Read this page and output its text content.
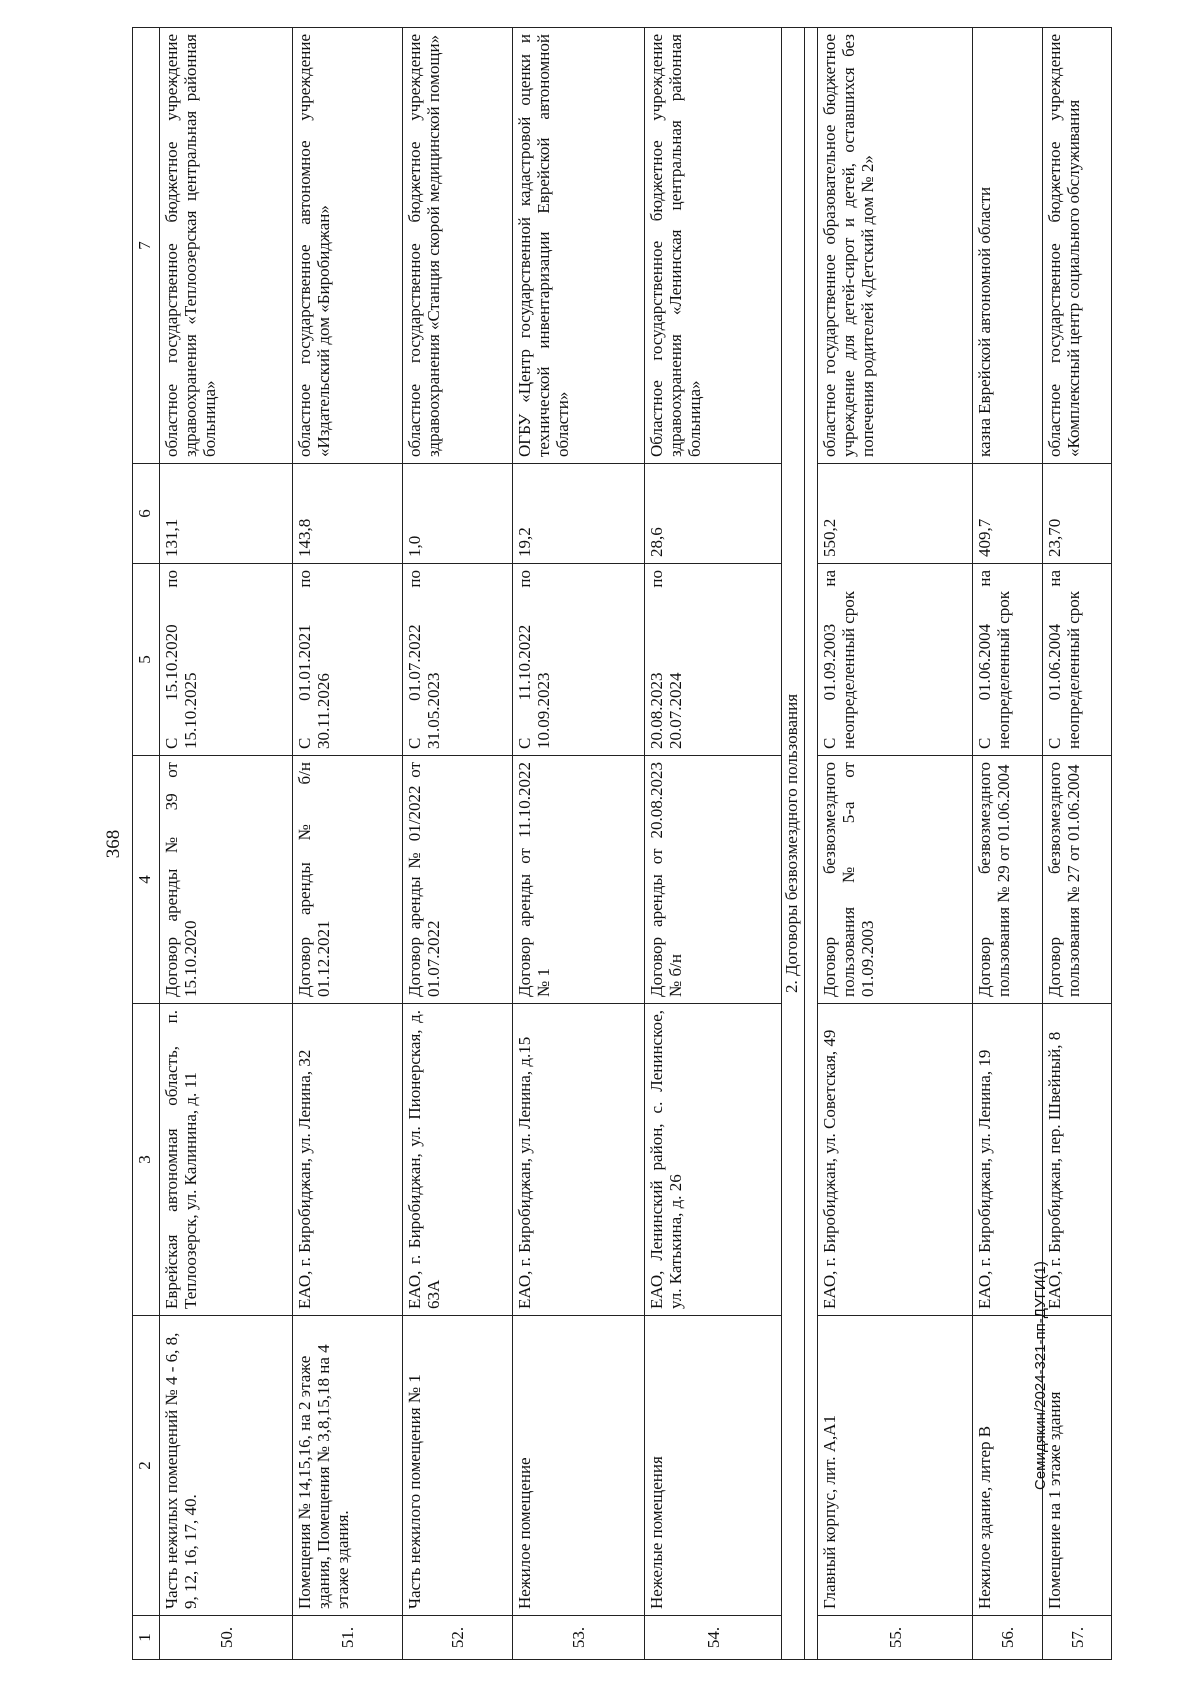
368
1	2	3	4	5	6	7
50.	Часть нежилых помещений № 4 - 6, 8, 9, 12, 16, 17, 40.	Еврейская автономная область, п. Теплоозерск, ул. Калинина, д. 11	Договор аренды № 39 от 15.10.2020	С 15.10.2020 по 15.10.2025	131,1	областное государственное бюджетное учреждение здравоохранения «Теплоозерская центральная районная больница»
51.	Помещения № 14,15,16, на 2 этаже здания, Помещения № 3,8,15,18 на 4 этаже здания.	ЕАО, г. Биробиджан, ул. Ленина, 32	Договор аренды № б/н 01.12.2021	С 01.01.2021 по 30.11.2026	143,8	областное государственное автономное учреждение «Издательский дом «Биробиджан»
52.	Часть нежилого помещения № 1	ЕАО, г. Биробиджан, ул. Пионерская, д. 63А	Договор аренды № 01/2022 от 01.07.2022	С 01.07.2022 по 31.05.2023	1,0	областное государственное бюджетное учреждение здравоохранения «Станция скорой медицинской помощи»
53.	Нежилое помещение	ЕАО, г. Биробиджан, ул. Ленина, д.15	Договор аренды от 11.10.2022 № 1	С 11.10.2022 по 10.09.2023	19,2	ОГБУ «Центр государственной кадастровой оценки и технической инвентаризации Еврейской автономной области»
54.	Нежелые помещения	ЕАО, Ленинский район, с. Ленинское, ул. Катькина, д. 26	Договор аренды от 20.08.2023 № б/н	20.08.2023 по 20.07.2024	28,6	Областное государственное бюджетное учреждение здравоохранения «Ленинская центральная районная больница»
2. Договоры безвозмездного пользования						

55.	Главный корпус, лит. А,А1	ЕАО, г. Биробиджан, ул. Советская, 49	Договор безвозмездного пользования № 5-а от 01.09.2003	С 01.09.2003 на неопределенный срок	550,2	областное государственное образовательное бюджетное учреждение для детей-сирот и детей, оставшихся без попечения родителей «Детский дом № 2»
56.	Нежилое здание, литер В	ЕАО, г. Биробиджан, ул. Ленина, 19	Договор безвозмездного пользования № 29 от 01.06.2004	С 01.06.2004 на неопределенный срок	409,7	казна Еврейской автономной области
57.	Помещение на 1 этаже здания	ЕАО, г. Биробиджан, пер. Швейный, 8	Договор безвозмездного пользования № 27 от 01.06.2004	С 01.06.2004 на неопределенный срок	23,70	областное государственное бюджетное учреждение «Комплексный центр социального обслуживания
Семидякин/2024-321-пп-ДУГИ(1)
